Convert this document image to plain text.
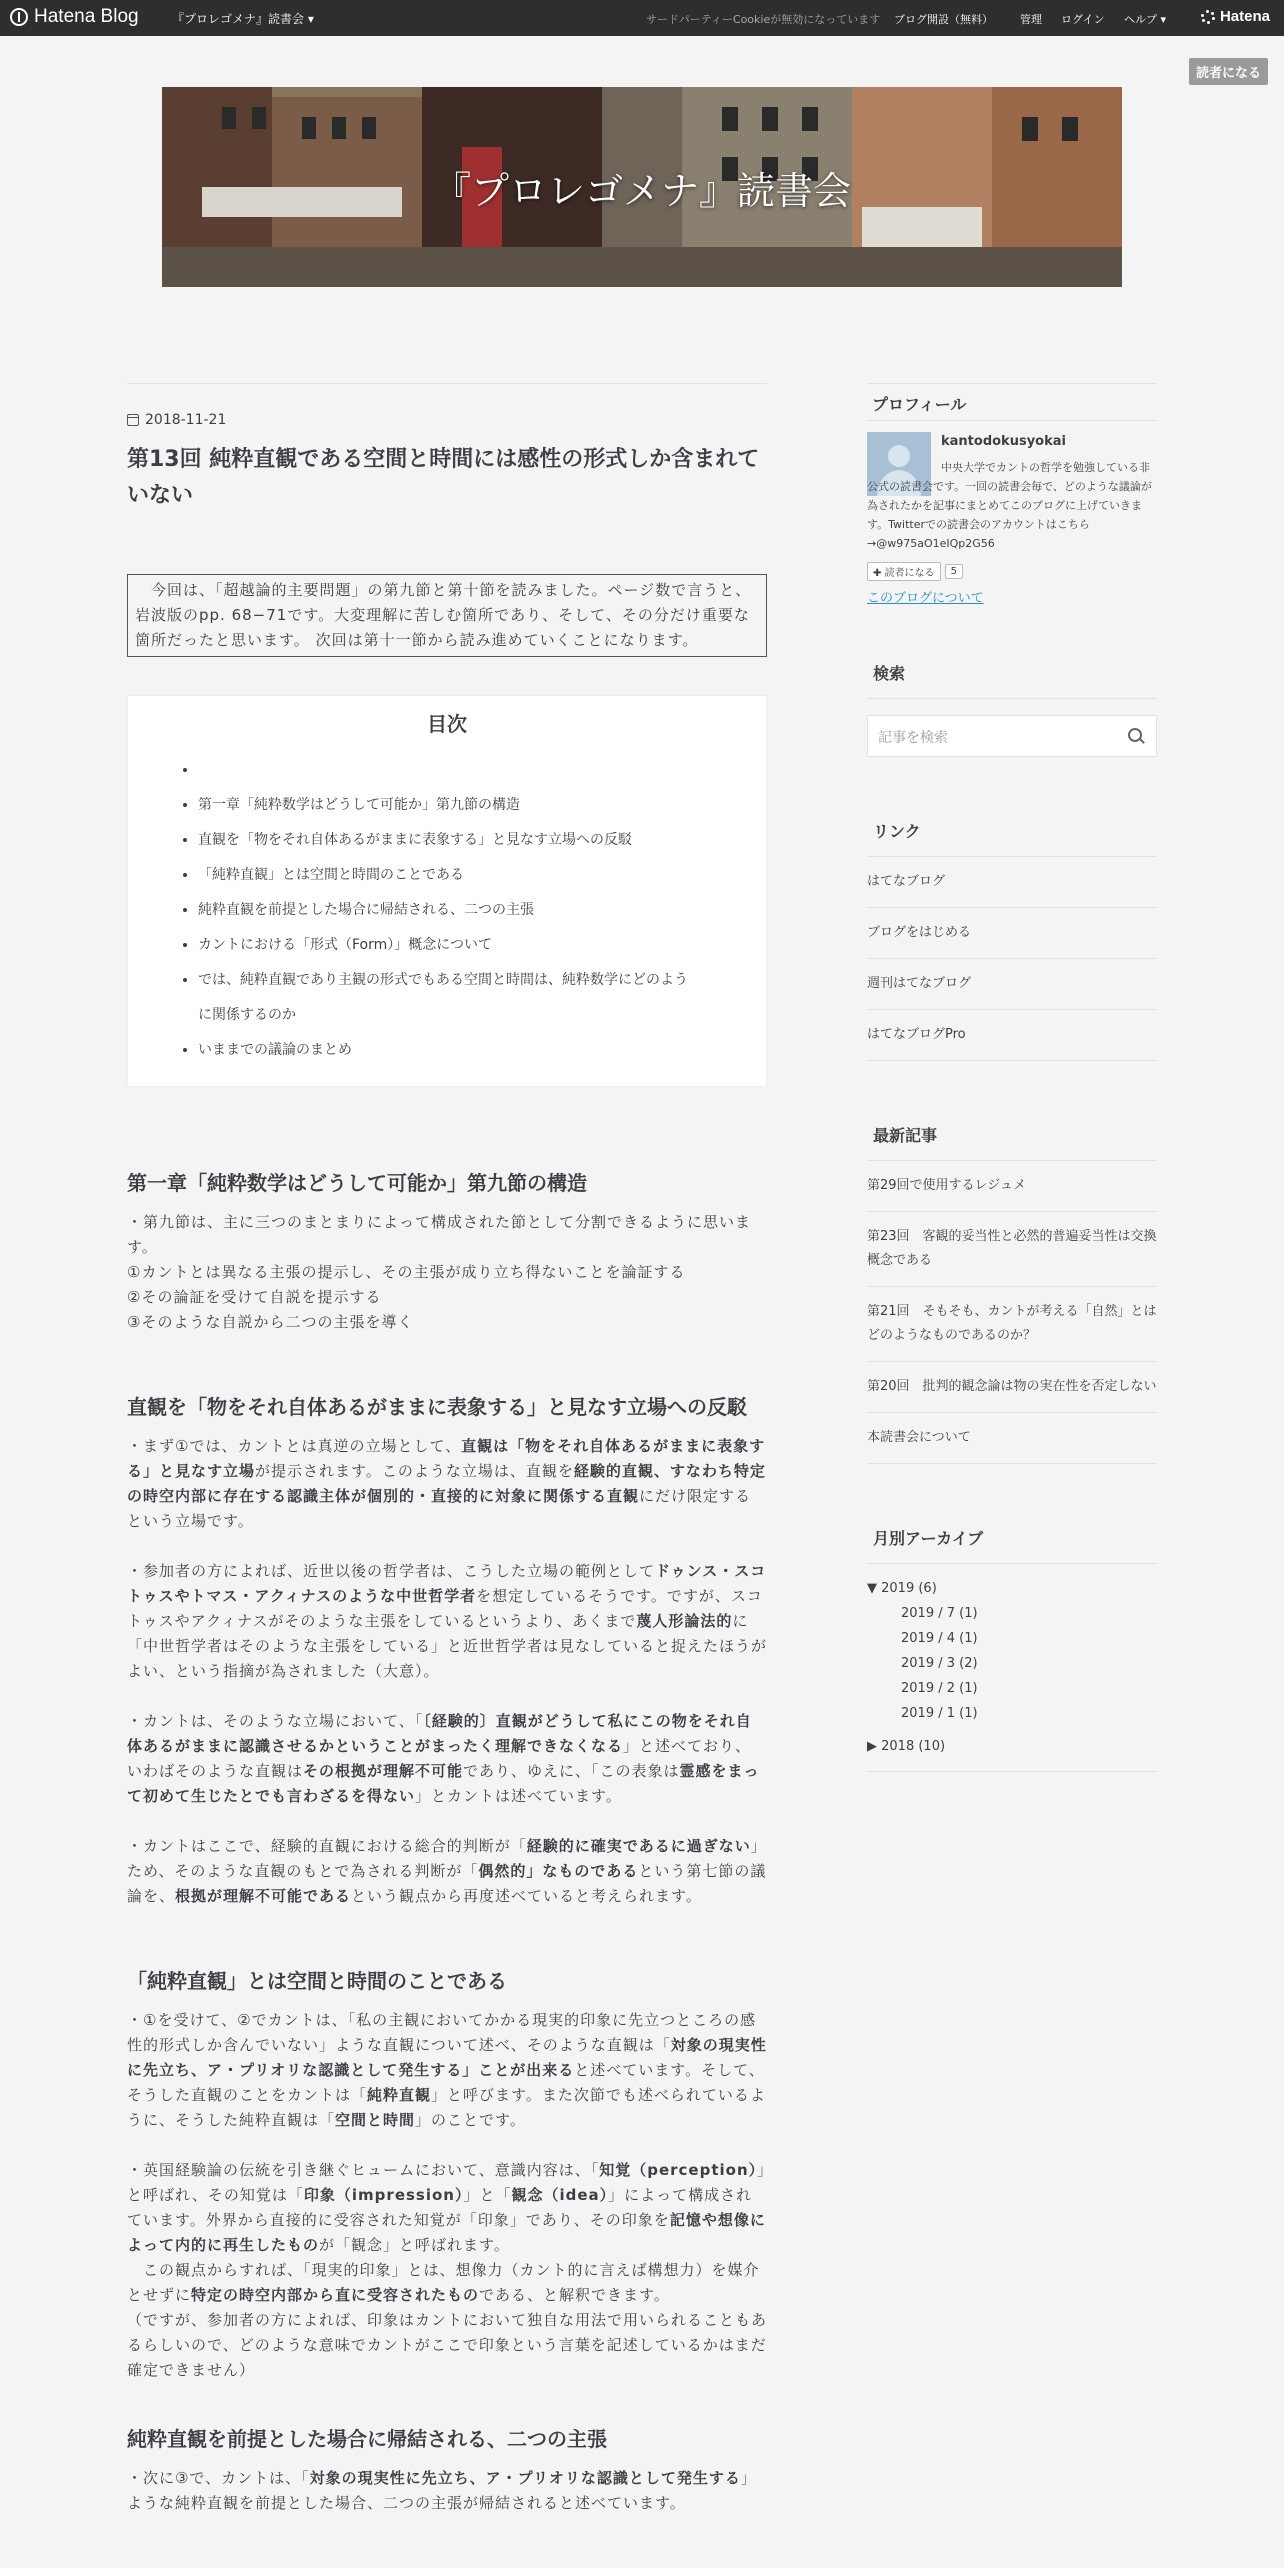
Hatena Blog	『プロレゴメナ』読書会 ▾	サードパーティーCookieが無効になっています ブログ開設（無料） 管理 ログイン ヘルプ ▾	Hatena
読者になる
『プロレゴメナ』読書会
2018-11-21
第13回 純粋直観である空間と時間には感性の形式しか含まれていない
　今回は、「超越論的主要問題」の第九節と第十節を読みました。ページ数で言うと、岩波版のpp. 68−71です。大変理解に苦しむ箇所であり、そして、その分だけ重要な箇所だったと思います。 次回は第十一節から読み進めていくことになります。
目次
•
• 第一章「純粋数学はどうして可能か」第九節の構造
• 直観を「物をそれ自体あるがままに表象する」と見なす立場への反駁
• 「純粋直観」とは空間と時間のことである
• 純粋直観を前提とした場合に帰結される、二つの主張
• カントにおける「形式（Form）」概念について
• では、純粋直観であり主観の形式でもある空間と時間は、純粋数学にどのように関係するのか
• いままでの議論のまとめ
第一章「純粋数学はどうして可能か」第九節の構造

・第九節は、主に三つのまとまりによって構成された節として分割できるように思います。

①カントとは異なる主張の提示し、その主張が成り立ち得ないことを論証する

②その論証を受けて自説を提示する

③そのような自説から二つの主張を導く

直観を「物をそれ自体あるがままに表象する」と見なす立場への反駁

・まず①では、カントとは真逆の立場として、直観は「物をそれ自体あるがままに表象する」と見なす立場が提示されます。このような立場は、直観を経験的直観、すなわち特定の時空内部に存在する認識主体が個別的・直接的に対象に関係する直観にだけ限定するという立場です。

・参加者の方によれば、近世以後の哲学者は、こうした立場の範例としてドゥンス・スコトゥスやトマス・アクィナスのような中世哲学者を想定しているそうです。ですが、スコトゥスやアクィナスがそのような主張をしているというより、あくまで蔑人形論法的に「中世哲学者はそのような主張をしている」と近世哲学者は見なしていると捉えたほうがよい、という指摘が為されました（大意）。

・カントは、そのような立場において、「〔経験的〕直観がどうして私にこの物をそれ自体あるがままに認識させるかということがまったく理解できなくなる」と述べており、いわばそのような直観はその根拠が理解不可能であり、ゆえに、「この表象は霊感をまって初めて生じたとでも言わざるを得ない」とカントは述べています。

・カントはここで、経験的直観における総合的判断が「経験的に確実であるに過ぎない」ため、そのような直観のもとで為される判断が「偶然的」なものであるという第七節の議論を、根拠が理解不可能であるという観点から再度述べていると考えられます。

「純粋直観」とは空間と時間のことである

・①を受けて、②でカントは、「私の主観においてかかる現実的印象に先立つところの感性的形式しか含んでいない」ような直観について述べ、そのような直観は「対象の現実性に先立ち、ア・プリオリな認識として発生する」ことが出来ると述べています。そして、そうした直観のことをカントは「純粋直観」と呼びます。また次節でも述べられているように、そうした純粋直観は「空間と時間」のことです。

・英国経験論の伝統を引き継ぐヒュームにおいて、意識内容は、「知覚（perception）」と呼ばれ、その知覚は「印象（impression）」と「観念（idea）」によって構成されています。外界から直接的に受容された知覚が「印象」であり、その印象を記憶や想像によって内的に再生したものが「観念」と呼ばれます。

　この観点からすれば、「現実的印象」とは、想像力（カント的に言えば構想力）を媒介とせずに特定の時空内部から直に受容されたものである、と解釈できます。

（ですが、参加者の方によれば、印象はカントにおいて独自な用法で用いられることもあるらしいので、どのような意味でカントがここで印象という言葉を記述しているかはまだ確定できません）

純粋直観を前提とした場合に帰結される、二つの主張

・次に③で、カントは、「対象の現実性に先立ち、ア・プリオリな認識として発生する」ような純粋直観を前提とした場合、二つの主張が帰結されると述べています。

プロフィール
kantodokusyokai
中央大学でカントの哲学を勉強している非公式の読書会です。一回の読書会毎で、どのような議論が為されたかを記事にまとめてこのブログに上げていきます。Twitterでの読書会のアカウントはこちら→@w975aO1eIQp2G56
✚ 読者になる	5
このブログについて
検索
記事を検索
リンク
はてなブログ
ブログをはじめる
週刊はてなブログ
はてなブログPro
最新記事
第29回で使用するレジュメ
第23回　客観的妥当性と必然的普遍妥当性は交換概念である
第21回　そもそも、カントが考える「自然」とはどのようなものであるのか？
第20回　批判的観念論は物の実在性を否定しない
本読書会について
月別アーカイブ
▼ 2019 (6)
2019 / 7 (1)
2019 / 4 (1)
2019 / 3 (2)
2019 / 2 (1)
2019 / 1 (1)
▶ 2018 (10)
